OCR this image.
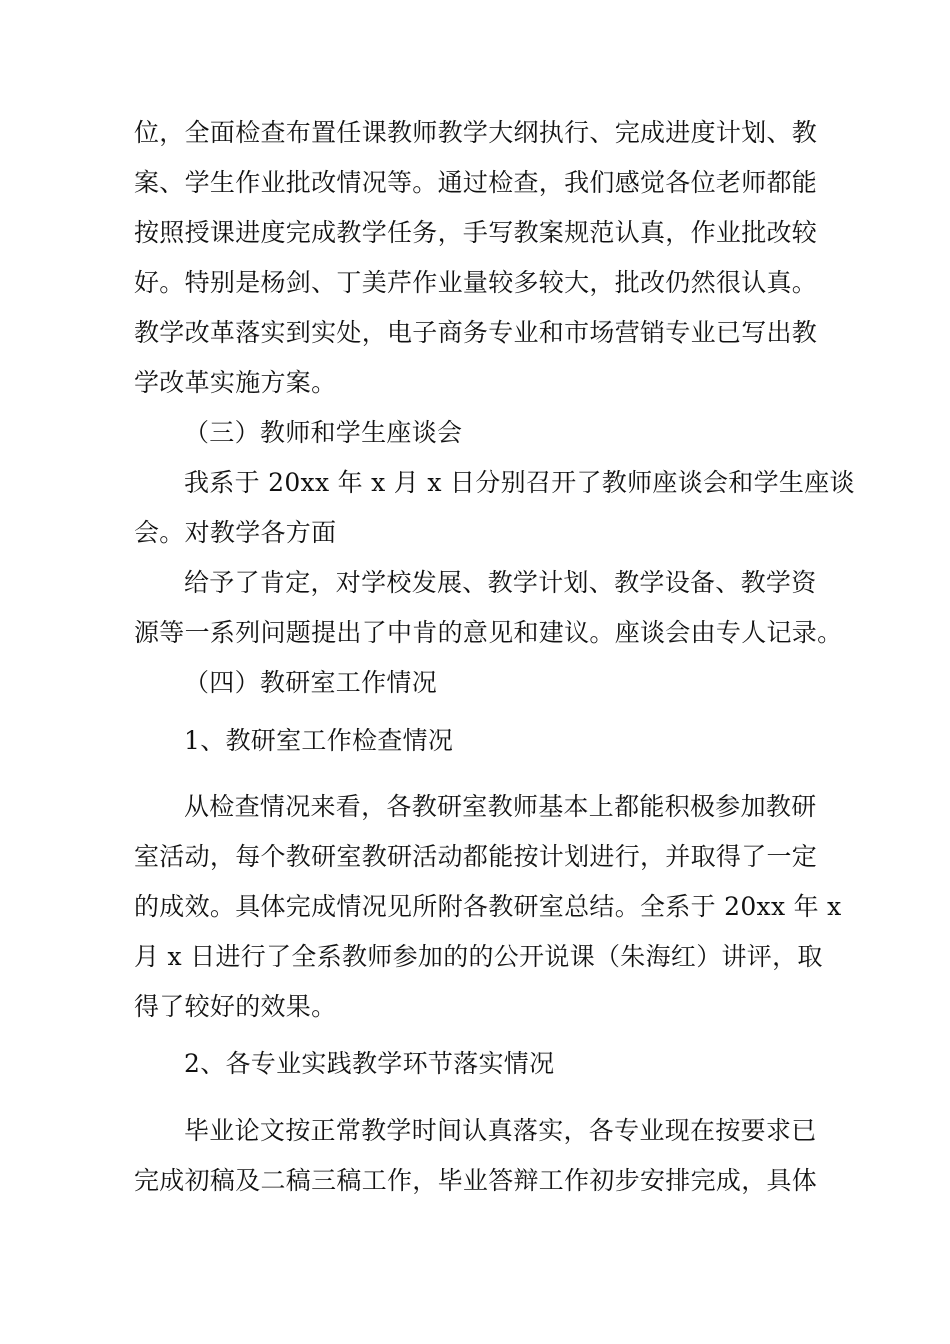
位，全面检查布置任课教师教学大纲执行、完成进度计划、教
案、学生作业批改情况等。通过检查，我们感觉各位老师都能
按照授课进度完成教学任务，手写教案规范认真，作业批改较
好。特别是杨剑、丁美芹作业量较多较大，批改仍然很认真。
教学改革落实到实处，电子商务专业和市场营销专业已写出教
学改革实施方案。
（三）教师和学生座谈会
我系于 20xx 年 x 月 x 日分别召开了教师座谈会和学生座谈
会。对教学各方面
给予了肯定，对学校发展、教学计划、教学设备、教学资
源等一系列问题提出了中肯的意见和建议。座谈会由专人记录。
（四）教研室工作情况
1、教研室工作检查情况
从检查情况来看，各教研室教师基本上都能积极参加教研
室活动，每个教研室教研活动都能按计划进行，并取得了一定
的成效。具体完成情况见所附各教研室总结。全系于 20xx 年 x
月 x 日进行了全系教师参加的的公开说课（朱海红）讲评，取
得了较好的效果。
2、各专业实践教学环节落实情况
毕业论文按正常教学时间认真落实，各专业现在按要求已
完成初稿及二稿三稿工作，毕业答辩工作初步安排完成，具体
